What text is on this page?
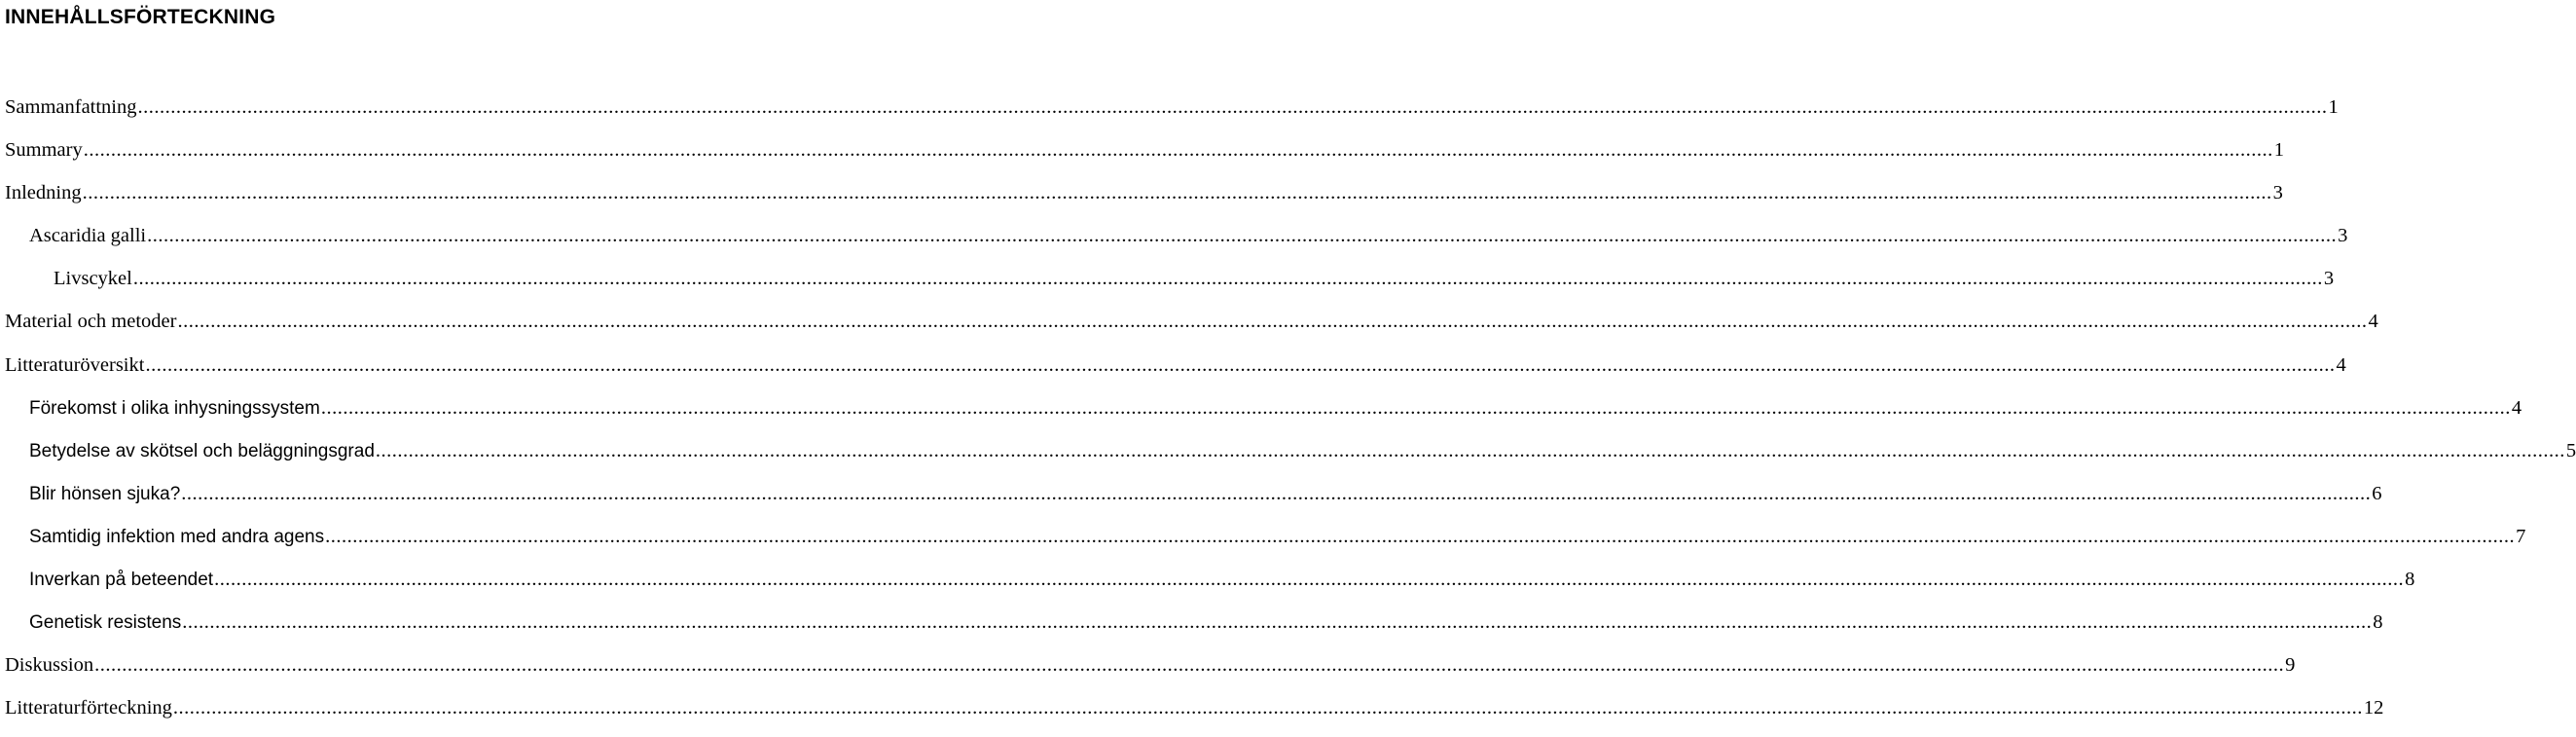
INNEHÅLLSFÖRTECKNING
Sammanfattning ................................................................................................................................................................................................................................................................................................................................................................................................................ 1
Summary ................................................................................................................................................................................................................................................................................................................................................................................................................ 1
Inledning ................................................................................................................................................................................................................................................................................................................................................................................................................ 3
Ascaridia galli ................................................................................................................................................................................................................................................................................................................................................................................................................ 3
Livscykel ................................................................................................................................................................................................................................................................................................................................................................................................................ 3
Material och metoder ................................................................................................................................................................................................................................................................................................................................................................................................................ 4
Litteraturöversikt ................................................................................................................................................................................................................................................................................................................................................................................................................ 4
Förekomst i olika inhysningssystem ................................................................................................................................................................................................................................................................................................................................................................................................................ 4
Betydelse av skötsel och beläggningsgrad ................................................................................................................................................................................................................................................................................................................................................................................................................ 5
Blir hönsen sjuka? ................................................................................................................................................................................................................................................................................................................................................................................................................ 6
Samtidig infektion med andra agens ................................................................................................................................................................................................................................................................................................................................................................................................................ 7
Inverkan på beteendet ................................................................................................................................................................................................................................................................................................................................................................................................................ 8
Genetisk resistens ................................................................................................................................................................................................................................................................................................................................................................................................................ 8
Diskussion ................................................................................................................................................................................................................................................................................................................................................................................................................ 9
Litteraturförteckning ................................................................................................................................................................................................................................................................................................................................................................................................................ 12
